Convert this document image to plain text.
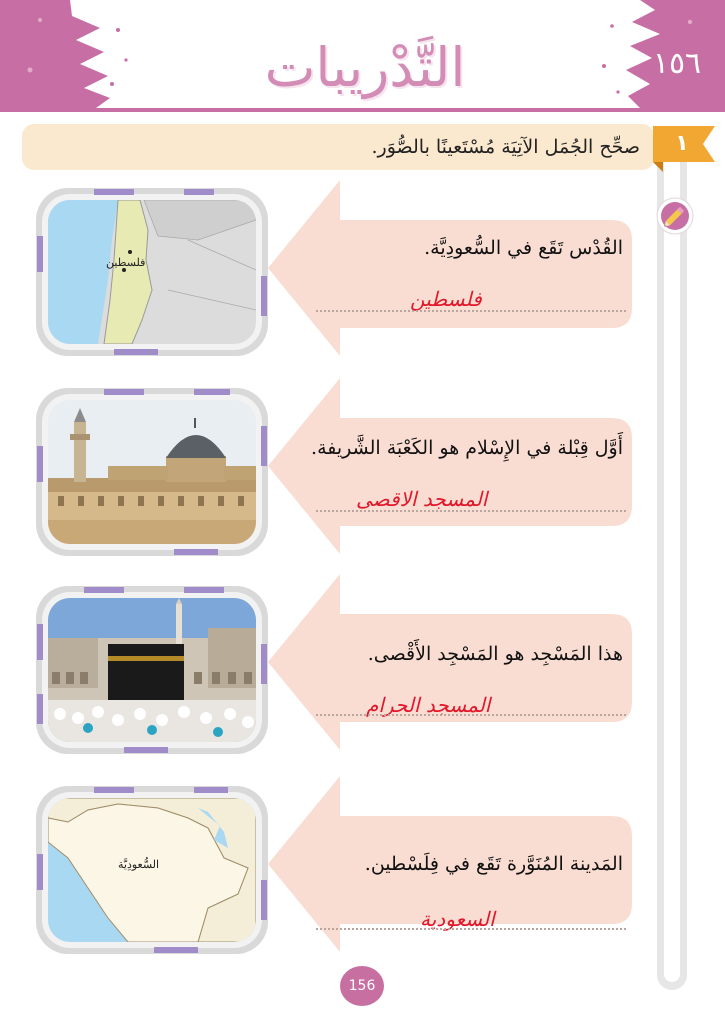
التَّدْريبات	١٥٦
صحِّح الجُمَل الآتِيَة مُسْتَعينًا بالصُّوَر.	١
فلسطين
القُدْس تَقَع في السُّعودِيَّة.
فلسطين
أَوَّل قِبْلة في الإِسْلام هو الكَعْبَة الشَّريفة.
المسجد الاقصى
هذا المَسْجِد هو المَسْجِد الأَقْصى.
المسجد الحرام
السُّعودِيَّة	المَدينة المُنَوَّرة تَقَع في فِلَسْطين.
السعودية
156
